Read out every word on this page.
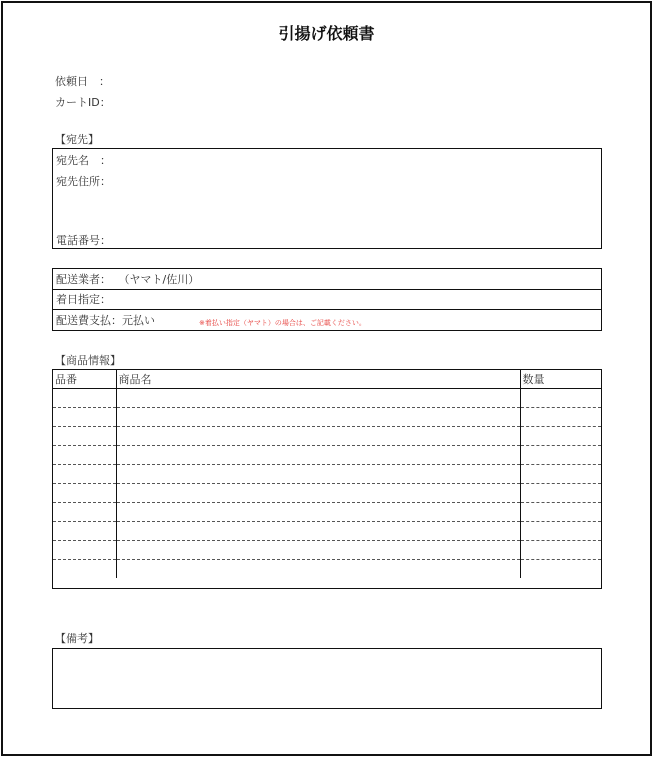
引揚げ依頼書
依頼日　：
カートID：
【宛先】
宛先名　：
宛先住所：
電話番号：
配送業者： （ヤマト/佐川）
着日指定：
配送費支払：元払い	※着払い指定（ヤマト）の場合は、ご記載ください。
【商品情報】
品番	商品名	数量

【備考】
